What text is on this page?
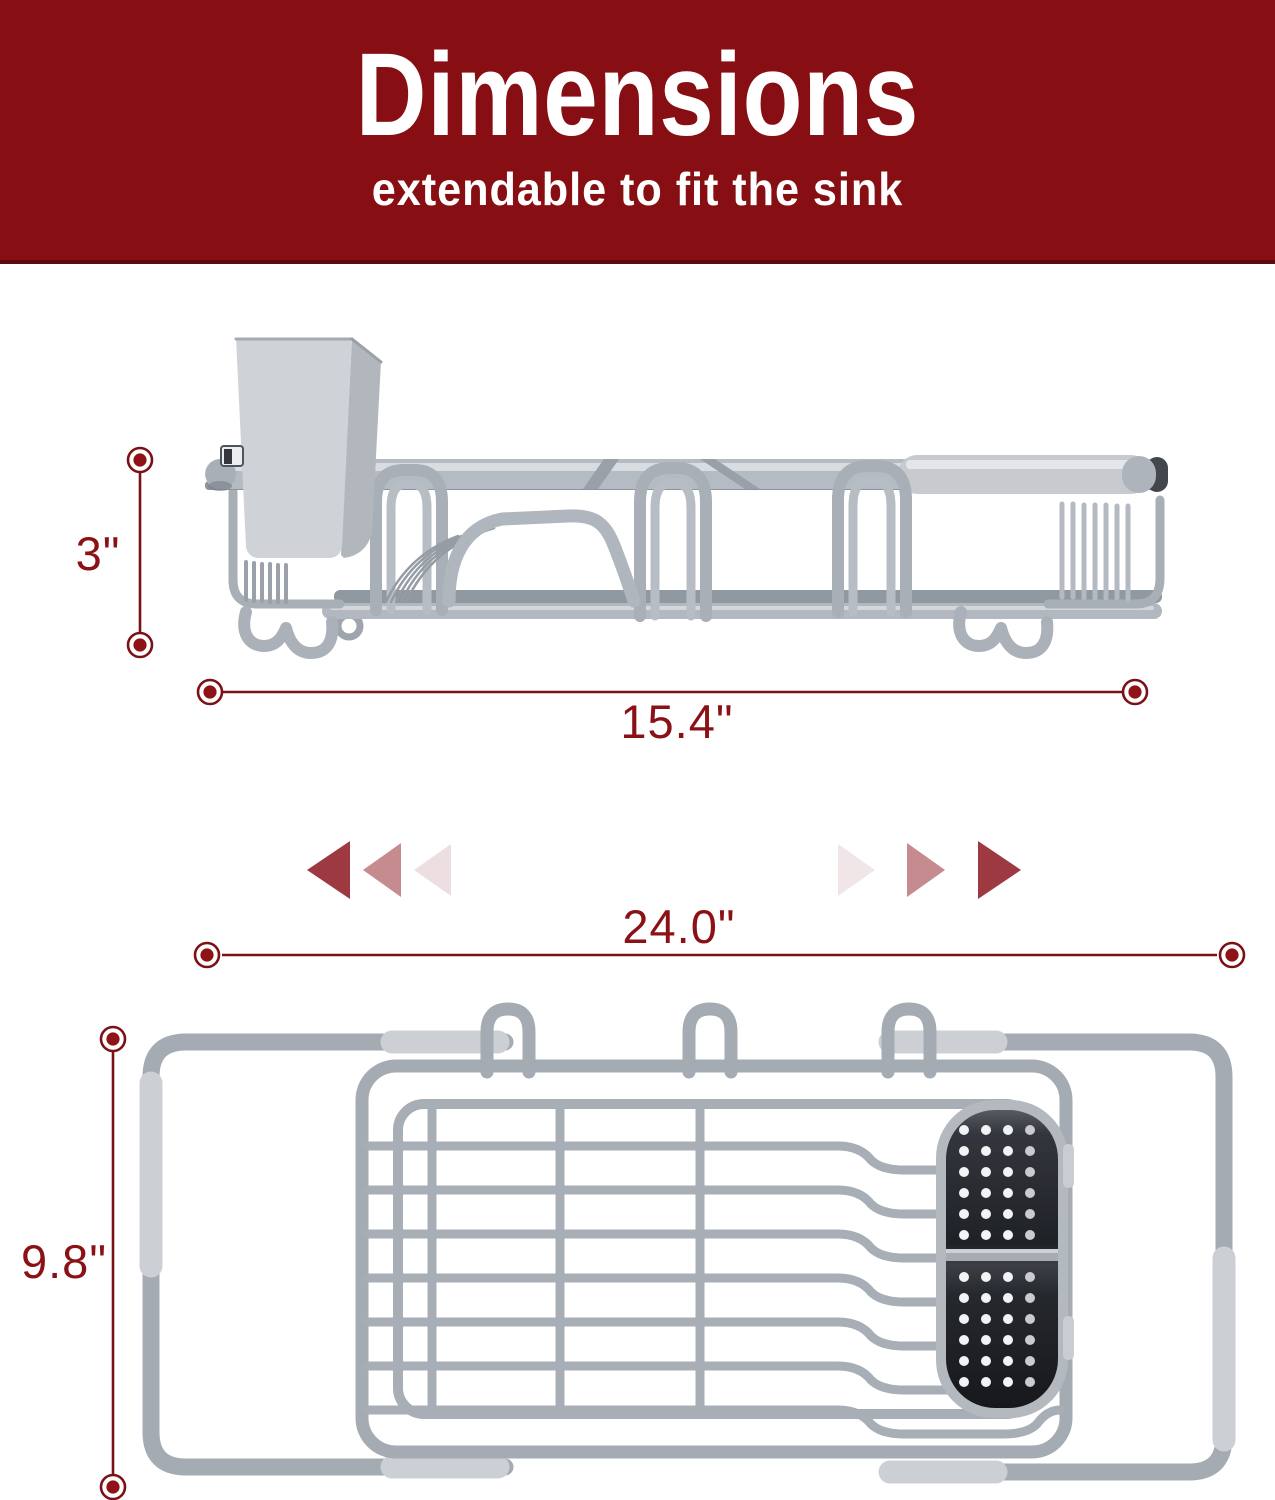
Dimensions
extendable to fit the sink
3"
15.4"
24.0"
9.8"
